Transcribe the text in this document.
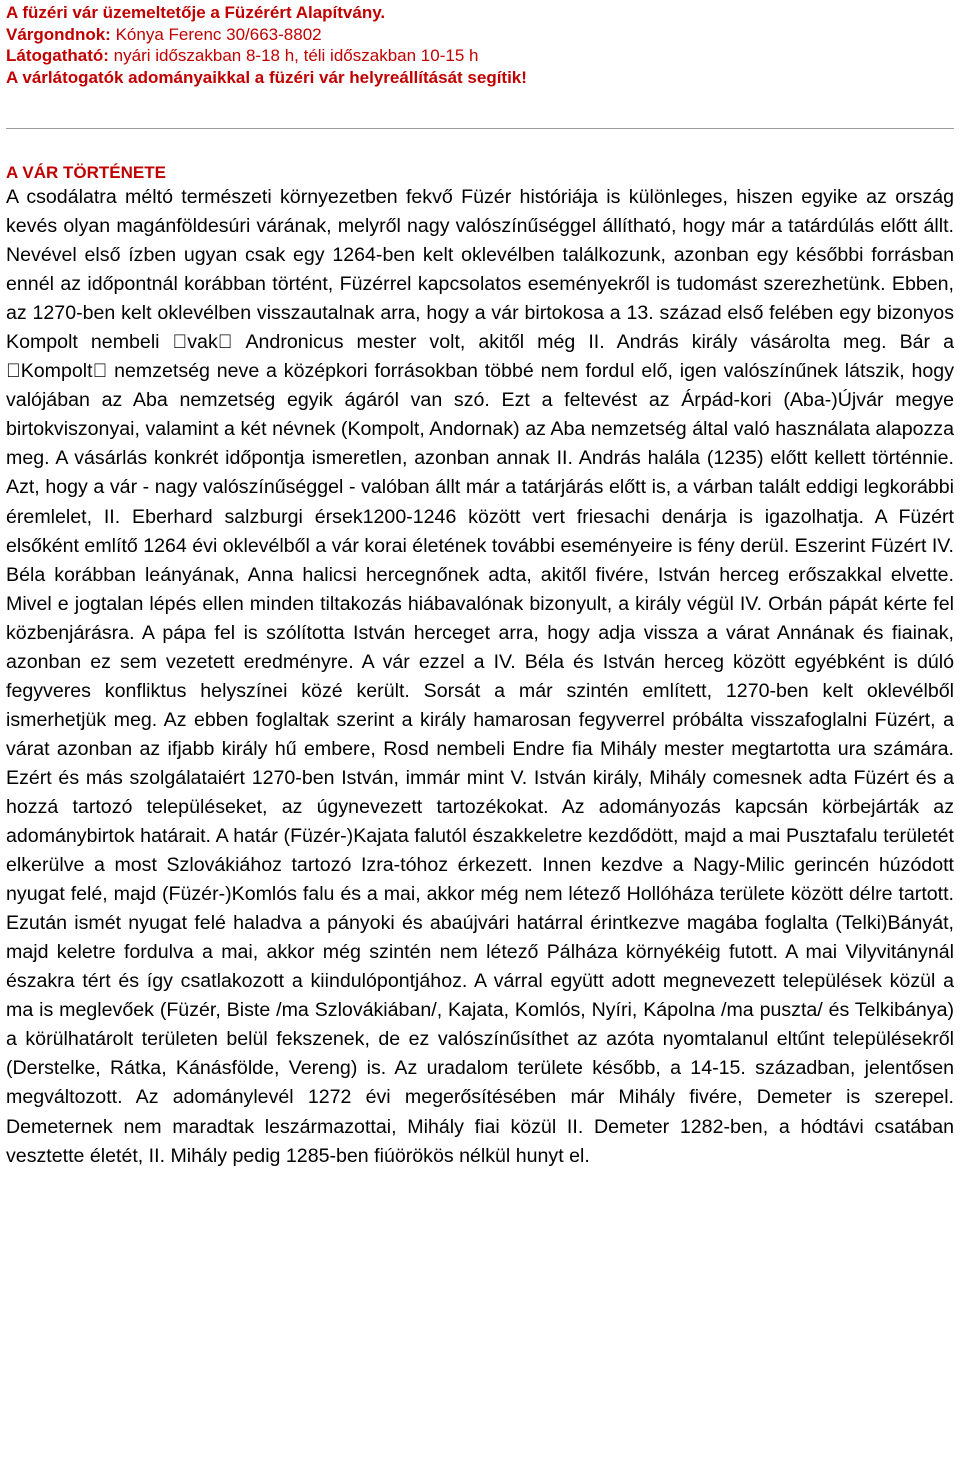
A füzéri vár üzemeltetője a Füzérért Alapítvány.
Várgondnok: Kónya Ferenc 30/663-8802
Látogatható: nyári időszakban 8-18 h, téli időszakban 10-15 h
A várlátogatók adományaikkal a füzéri vár helyreállítását segítik!
A VÁR TÖRTÉNETE

A csodálatra méltó természeti környezetben fekvő Füzér históriája is különleges, hiszen egyike az ország kevés olyan magánföldesúri várának, melyről nagy valószínűséggel állítható, hogy már a tatárdúlás előtt állt. Nevével első ízben ugyan csak egy 1264-ben kelt oklevélben találkozunk, azonban egy későbbi forrásban ennél az időpontnál korábban történt, Füzérrel kapcsolatos eseményekről is tudomást szerezhetünk. Ebben, az 1270-ben kelt oklevélben visszautalnak arra, hogy a vár birtokosa a 13. század első felében egy bizonyos Kompolt nembeli vak Andronicus mester volt, akitől még II. András király vásárolta meg. Bár a Kompolt nemzetség neve a középkori forrásokban többé nem fordul elő, igen valószínűnek látszik, hogy valójában az Aba nemzetség egyik ágáról van szó. Ezt a feltevést az Árpád-kori (Aba-)Újvár megye birtokviszonyai, valamint a két névnek (Kompolt, Andornak) az Aba nemzetség által való használata alapozza meg. A vásárlás konkrét időpontja ismeretlen, azonban annak II. András halála (1235) előtt kellett történnie. Azt, hogy a vár - nagy valószínűséggel - valóban állt már a tatárjárás előtt is, a várban talált eddigi legkorábbi éremlelet, II. Eberhard salzburgi érsek1200-1246 között vert friesachi denárja is igazolhatja. A Füzért elsőként említő 1264 évi oklevélből a vár korai életének további eseményeire is fény derül. Eszerint Füzért IV. Béla korábban leányának, Anna halicsi hercegnőnek adta, akitől fivére, István herceg erőszakkal elvette. Mivel e jogtalan lépés ellen minden tiltakozás hiábavalónak bizonyult, a király végül IV. Orbán pápát kérte fel közbenjárásra. A pápa fel is szólította István herceget arra, hogy adja vissza a várat Annának és fiainak, azonban ez sem vezetett eredményre. A vár ezzel a IV. Béla és István herceg között egyébként is dúló fegyveres konfliktus helyszínei közé került. Sorsát a már szintén említett, 1270-ben kelt oklevélből ismerhetjük meg. Az ebben foglaltak szerint a király hamarosan fegyverrel próbálta visszafoglalni Füzért, a várat azonban az ifjabb király hű embere, Rosd nembeli Endre fia Mihály mester megtartotta ura számára. Ezért és más szolgálataiért 1270-ben István, immár mint V. István király, Mihály comesnek adta Füzért és a hozzá tartozó településeket, az úgynevezett tartozékokat. Az adományozás kapcsán körbejárták az adománybirtok határait. A határ (Füzér-)Kajata falutól északkeletre kezdődött, majd a mai Pusztafalu területét elkerülve a most Szlovákiához tartozó Izra-tóhoz érkezett. Innen kezdve a Nagy-Milic gerincén húzódott nyugat felé, majd (Füzér-)Komlós falu és a mai, akkor még nem létező Hollóháza területe között délre tartott. Ezután ismét nyugat felé haladva a pányoki és abaújvári határral érintkezve magába foglalta (Telki)Bányát, majd keletre fordulva a mai, akkor még szintén nem létező Pálháza környékéig futott. A mai Vilyvitánynál északra tért és így csatlakozott a kiindulópontjához. A várral együtt adott megnevezett települések közül a ma is meglevőek (Füzér, Biste /ma Szlovákiában/, Kajata, Komlós, Nyíri, Kápolna /ma puszta/ és Telkibánya) a körülhatárolt területen belül fekszenek, de ez valószínűsíthet az azóta nyomtalanul eltűnt településekről (Derstelke, Rátka, Kánásfölde, Vereng) is. Az uradalom területe később, a 14-15. században, jelentősen megváltozott. Az adománylevél 1272 évi megerősítésében már Mihály fivére, Demeter is szerepel. Demeternek nem maradtak leszármazottai, Mihály fiai közül II. Demeter 1282-ben, a hódtávi csatában vesztette életét, II. Mihály pedig 1285-ben fiúörökös nélkül hunyt el.
